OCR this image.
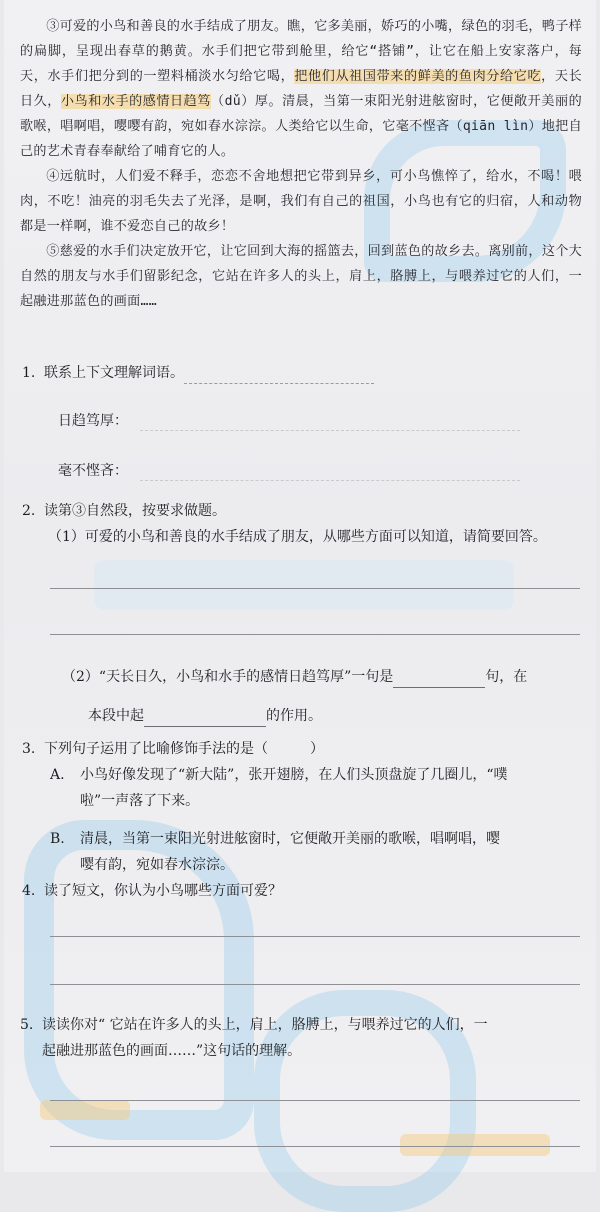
③可爱的小鸟和善良的水手结成了朋友。瞧，它多美丽，娇巧的小嘴，绿色的羽毛，鸭子样的扁脚，呈现出春草的鹅黄。水手们把它带到舱里，给它“搭铺”，让它在船上安家落户，每天，水手们把分到的一塑料桶淡水匀给它喝，把他们从祖国带来的鲜美的鱼肉分给它吃，天长日久，小鸟和水手的感情日趋笃（dǔ）厚。清晨，当第一束阳光射进舷窗时，它便敞开美丽的歌喉，唱啊唱，嘤嘤有韵，宛如春水淙淙。人类给它以生命，它毫不悭吝（qiān lìn）地把自己的艺术青春奉献给了哺育它的人。

④远航时，人们爱不释手，恋恋不舍地想把它带到异乡，可小鸟憔悴了，给水，不喝！喂肉，不吃！油亮的羽毛失去了光泽，是啊，我们有自己的祖国，小鸟也有它的归宿，人和动物都是一样啊，谁不爱恋自己的故乡！

⑤慈爱的水手们决定放开它，让它回到大海的摇篮去，回到蓝色的故乡去。离别前，这个大自然的朋友与水手们留影纪念，它站在许多人的头上，肩上，胳膊上，与喂养过它的人们，一起融进那蓝色的画面……

1. 联系上下文理解词语。
日趋笃厚：
毫不悭吝：
2. 读第③自然段，按要求做题。
（1）可爱的小鸟和善良的水手结成了朋友，从哪些方面可以知道，请简要回答。
（2）“天长日久，小鸟和水手的感情日趋笃厚”一句是	句，在
本段中起	的作用。
3. 下列句子运用了比喻修饰手法的是（　　　）
A. 小鸟好像发现了“新大陆”，张开翅膀，在人们头顶盘旋了几圈儿，“噗
啦”一声落了下来。
B. 清晨，当第一束阳光射进舷窗时，它便敞开美丽的歌喉，唱啊唱，嘤
嘤有韵，宛如春水淙淙。
4. 读了短文，你认为小鸟哪些方面可爱？
5. 读读你对“ 它站在许多人的头上，肩上，胳膊上，与喂养过它的人们，一
起融进那蓝色的画面……”这句话的理解。
